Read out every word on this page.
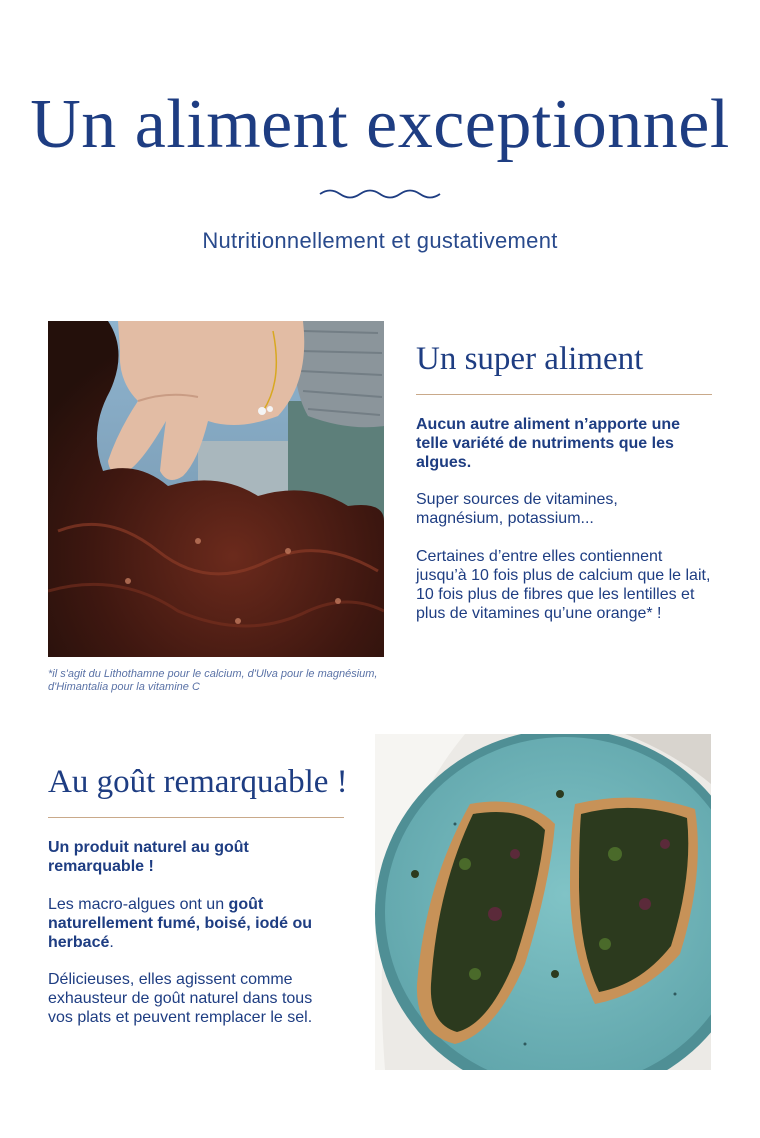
Un aliment exceptionnel
Nutritionnellement et gustativement

*il s'agit du Lithothamne pour le calcium, d'Ulva pour le magnésium, d'Himantalia pour la vitamine C

Un super aliment

Aucun autre aliment n’apporte une telle variété de nutriments que les algues.

Super sources de vitamines, magnésium, potassium...

Certaines d’entre elles contiennent jusqu’à 10 fois plus de calcium que le lait, 10 fois plus de fibres que les lentilles et plus de vitamines qu’une orange* !

Au goût remarquable !

Un produit naturel au goût remarquable !

Les macro-algues ont un goût naturellement fumé, boisé, iodé ou herbacé.

Délicieuses, elles agissent comme exhausteur de goût naturel dans tous vos plats et peuvent remplacer le sel.
